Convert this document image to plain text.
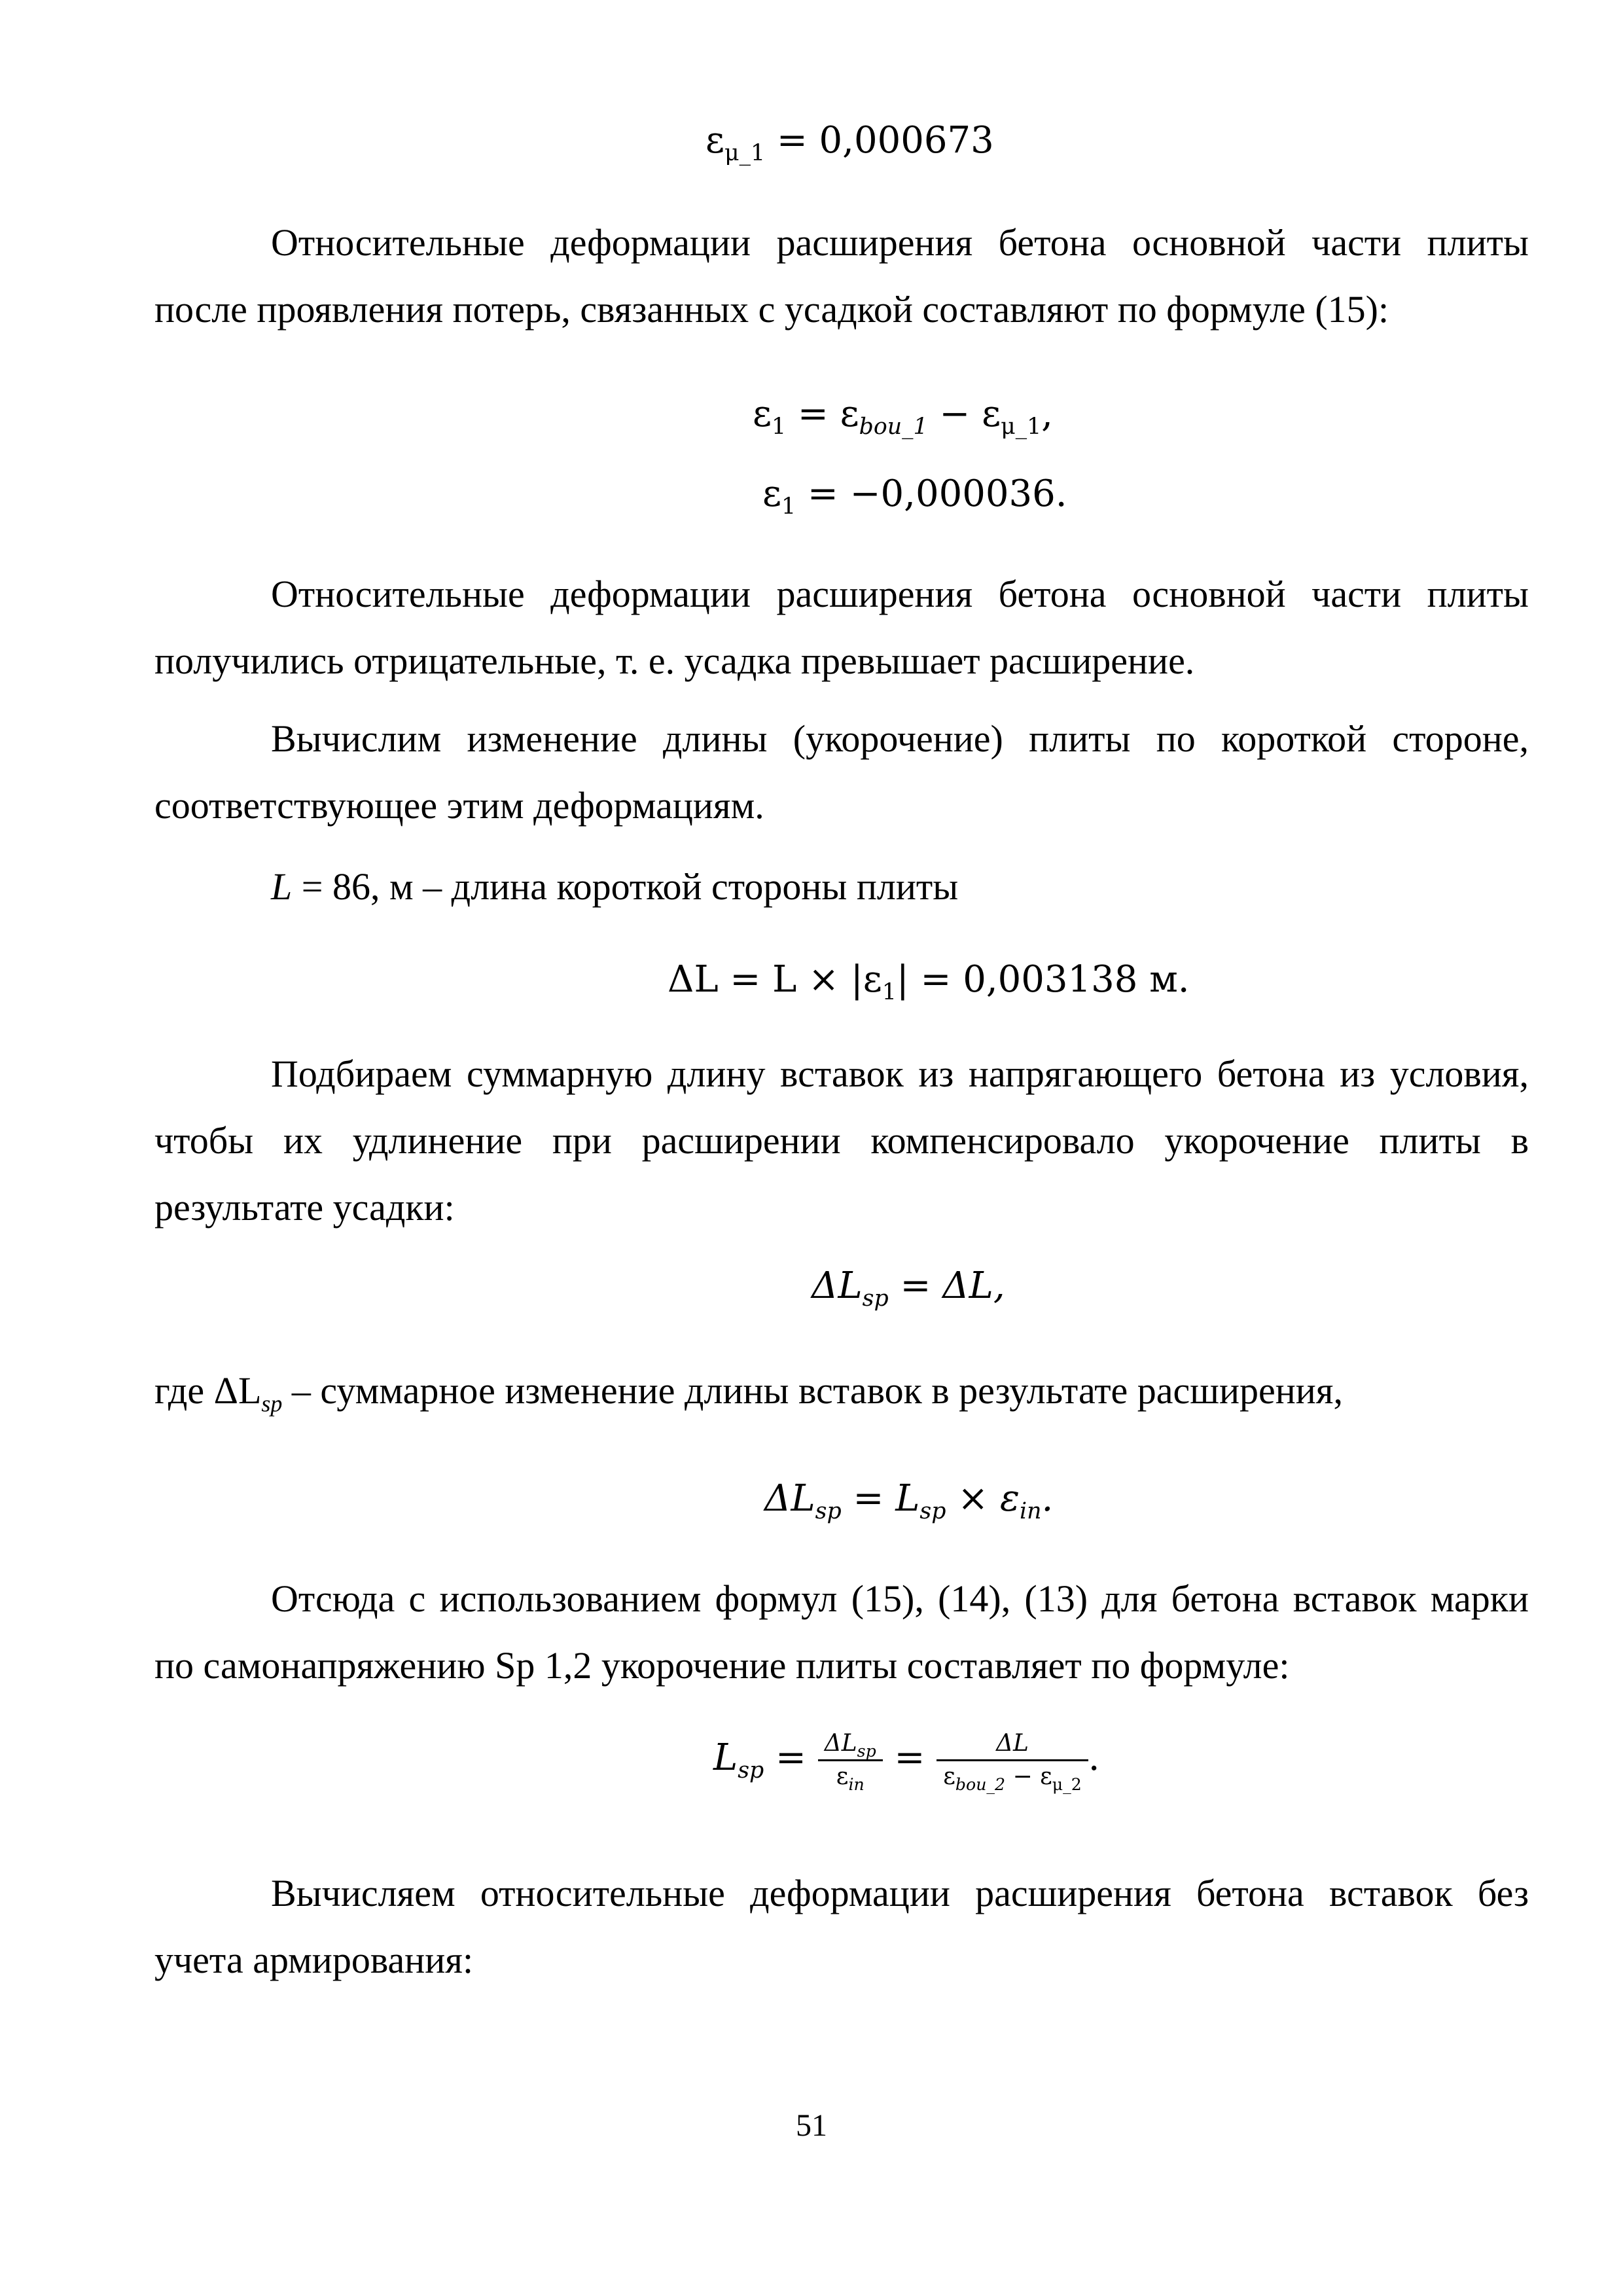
$\varepsilon_{\mu\_1} = 0,000673$

Относительные деформации расширения бетона основной части плиты после проявления потерь, связанных с усадкой составляют по формуле (15):

$\varepsilon_1 = \varepsilon_{bou\_1} - \varepsilon_{\mu\_1}$,
$\varepsilon_1 = -0,000036$.

Относительные деформации расширения бетона основной части плиты получились отрицательные, т. е. усадка превышает расширение.

Вычислим изменение длины (укорочение) плиты по короткой стороне, соответствующее этим деформациям.

L = 86, м – длина короткой стороны плиты
$\Delta L = L \times |\varepsilon_1| = 0,003138$ м.

Подбираем суммарную длину вставок из напрягающего бетона из условия, чтобы их удлинение при расширении компенсировало укорочение плиты в результате усадки:

$\Delta L_{sp} = \Delta L$,
где $\Delta L_{sp}$ – суммарное изменение длины вставок в результате расширения,
$\Delta L_{sp} = L_{sp} \times \varepsilon_{in}$.

Отсюда с использованием формул (15), (14), (13) для бетона вставок марки по самонапряжению Sp 1,2 укорочение плиты составляет по формуле:

$L_{sp} = \frac{\Delta L_{sp}}{\varepsilon_{in}} = \frac{\Delta L}{\varepsilon_{bou\_2} - \varepsilon_{\mu\_2}}$ .

Вычисляем относительные деформации расширения бетона вставок без учета армирования:

51
